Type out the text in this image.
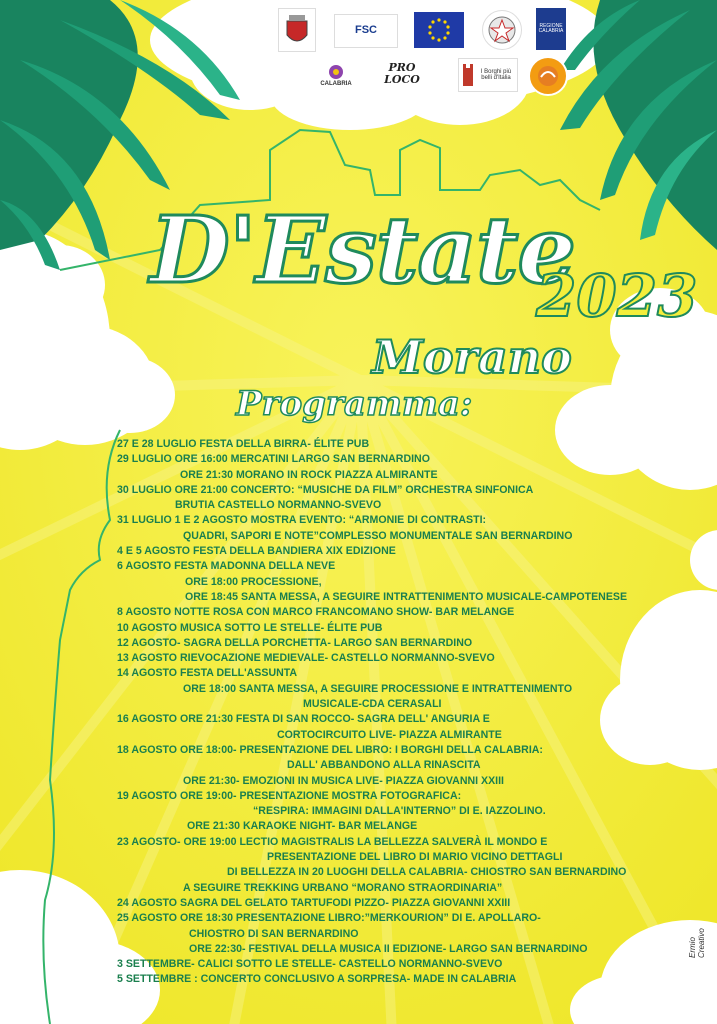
FSC	REGIONE CALABRIA
CALABRIA
PRO LOCO
I Borghi più belli d'Italia
D'Estate
2023
Morano
Programma:
27 E 28 LUGLIO FESTA DELLA BIRRA- ÉLITE PUB
29 LUGLIO ORE 16:00 MERCATINI LARGO SAN BERNARDINO
ORE 21:30 MORANO IN ROCK PIAZZA ALMIRANTE
30 LUGLIO ORE 21:00 CONCERTO: “MUSICHE DA FILM” ORCHESTRA SINFONICA
BRUTIA CASTELLO NORMANNO-SVEVO
31 LUGLIO 1 E 2 AGOSTO MOSTRA EVENTO: “ARMONIE DI CONTRASTI:
QUADRI, SAPORI E NOTE”COMPLESSO MONUMENTALE SAN BERNARDINO
4 E 5 AGOSTO FESTA DELLA BANDIERA XIX EDIZIONE
6 AGOSTO FESTA MADONNA DELLA NEVE
ORE 18:00 PROCESSIONE,
ORE 18:45 SANTA MESSA, A SEGUIRE INTRATTENIMENTO MUSICALE-CAMPOTENESE
8 AGOSTO NOTTE ROSA CON MARCO FRANCOMANO SHOW- BAR MELANGE
10 AGOSTO MUSICA SOTTO LE STELLE- ÉLITE PUB
12 AGOSTO- SAGRA DELLA PORCHETTA- LARGO SAN BERNARDINO
13 AGOSTO RIEVOCAZIONE MEDIEVALE- CASTELLO NORMANNO-SVEVO
14 AGOSTO FESTA DELL'ASSUNTA
ORE 18:00 SANTA MESSA, A SEGUIRE PROCESSIONE E INTRATTENIMENTO
MUSICALE-CDA CERASALI
16 AGOSTO ORE 21:30 FESTA DI SAN ROCCO- SAGRA DELL' ANGURIA E
CORTOCIRCUITO LIVE- PIAZZA ALMIRANTE
18 AGOSTO ORE 18:00- PRESENTAZIONE DEL LIBRO: I BORGHI DELLA CALABRIA:
DALL' ABBANDONO ALLA RINASCITA
ORE 21:30- EMOZIONI IN MUSICA LIVE- PIAZZA GIOVANNI XXIII
19 AGOSTO ORE 19:00- PRESENTAZIONE MOSTRA FOTOGRAFICA:
“RESPIRA: IMMAGINI DALLA'INTERNO” DI E. IAZZOLINO.
ORE 21:30 KARAOKE NIGHT- BAR MELANGE
23 AGOSTO- ORE 19:00 LECTIO MAGISTRALIS LA BELLEZZA SALVERÀ IL MONDO E
PRESENTAZIONE DEL LIBRO DI MARIO VICINO DETTAGLI
DI BELLEZZA IN 20 LUOGHI DELLA CALABRIA- CHIOSTRO SAN BERNARDINO
A SEGUIRE TREKKING URBANO “MORANO STRAORDINARIA”
24 AGOSTO SAGRA DEL GELATO TARTUFODI PIZZO- PIAZZA GIOVANNI XXIII
25 AGOSTO ORE 18:30 PRESENTAZIONE LIBRO:”MERKOURION” DI E. APOLLARO-
CHIOSTRO DI SAN BERNARDINO
ORE 22:30- FESTIVAL DELLA MUSICA II EDIZIONE- LARGO SAN BERNARDINO
3 SETTEMBRE- CALICI SOTTO LE STELLE- CASTELLO NORMANNO-SVEVO
5 SETTEMBRE : CONCERTO CONCLUSIVO A SORPRESA- MADE IN CALABRIA
Ermio Creativo
